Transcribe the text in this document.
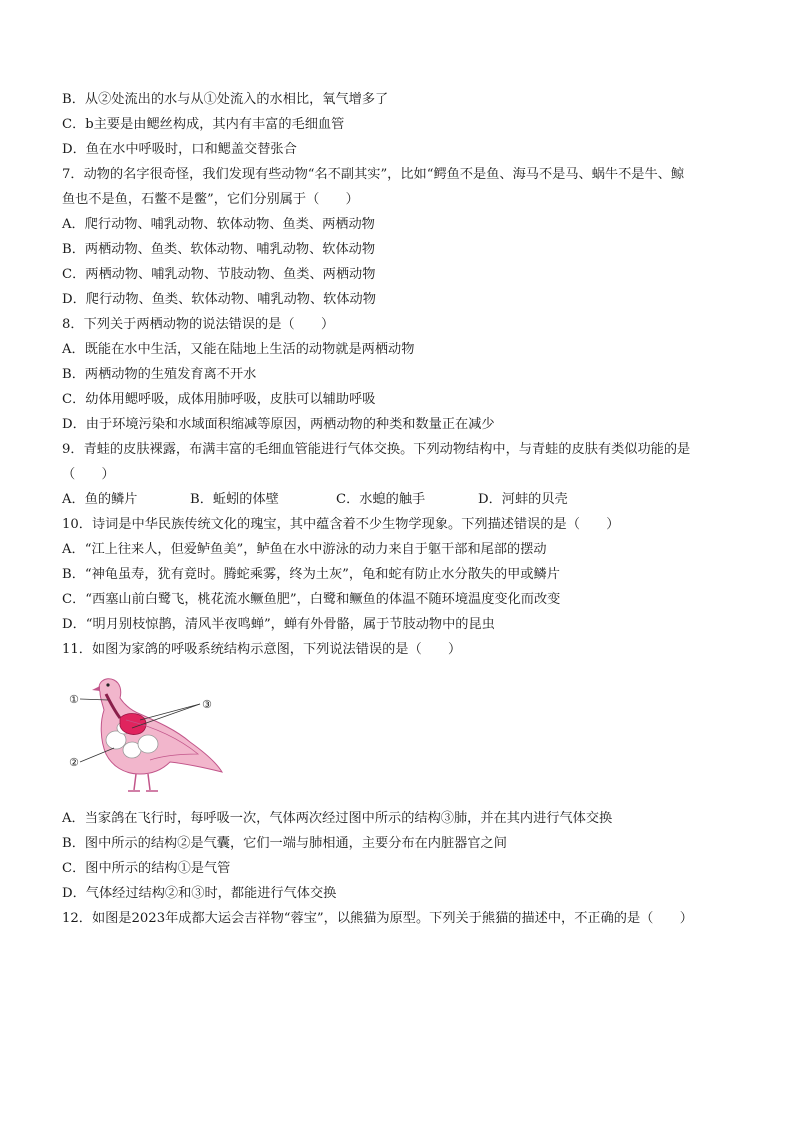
B．从②处流出的水与从①处流入的水相比，氧气增多了
C．b主要是由鳃丝构成，其内有丰富的毛细血管
D．鱼在水中呼吸时，口和鳃盖交替张合
7．动物的名字很奇怪，我们发现有些动物“名不副其实”，比如“鳄鱼不是鱼、海马不是马、蜗牛不是牛、鲸
鱼也不是鱼，石鳖不是鳖”，它们分别属于（　　）
A．爬行动物、哺乳动物、软体动物、鱼类、两栖动物
B．两栖动物、鱼类、软体动物、哺乳动物、软体动物
C．两栖动物、哺乳动物、节肢动物、鱼类、两栖动物
D．爬行动物、鱼类、软体动物、哺乳动物、软体动物
8．下列关于两栖动物的说法错误的是（　　）
A．既能在水中生活，又能在陆地上生活的动物就是两栖动物
B．两栖动物的生殖发育离不开水
C．幼体用鳃呼吸，成体用肺呼吸，皮肤可以辅助呼吸
D．由于环境污染和水域面积缩减等原因，两栖动物的种类和数量正在减少
9．青蛙的皮肤裸露，布满丰富的毛细血管能进行气体交换。下列动物结构中，与青蛙的皮肤有类似功能的是
（　　）
A．鱼的鳞片	B．蚯蚓的体壁	C．水螅的触手	D．河蚌的贝壳
10．诗词是中华民族传统文化的瑰宝，其中蕴含着不少生物学现象。下列描述错误的是（　　）
A．“江上往来人，但爱鲈鱼美”，鲈鱼在水中游泳的动力来自于躯干部和尾部的摆动
B．“神龟虽寿，犹有竟时。腾蛇乘雾，终为土灰”，龟和蛇有防止水分散失的甲或鳞片
C．“西塞山前白鹭飞，桃花流水鳜鱼肥”，白鹭和鳜鱼的体温不随环境温度变化而改变
D．“明月别枝惊鹊，清风半夜鸣蝉”，蝉有外骨骼，属于节肢动物中的昆虫
11．如图为家鸽的呼吸系统结构示意图，下列说法错误的是（　　）
①
②
③
A．当家鸽在飞行时，每呼吸一次，气体两次经过图中所示的结构③肺，并在其内进行气体交换
B．图中所示的结构②是气囊，它们一端与肺相通，主要分布在内脏器官之间
C．图中所示的结构①是气管
D．气体经过结构②和③时，都能进行气体交换
12．如图是2023年成都大运会吉祥物“蓉宝”，以熊猫为原型。下列关于熊猫的描述中，不正确的是（　　）
